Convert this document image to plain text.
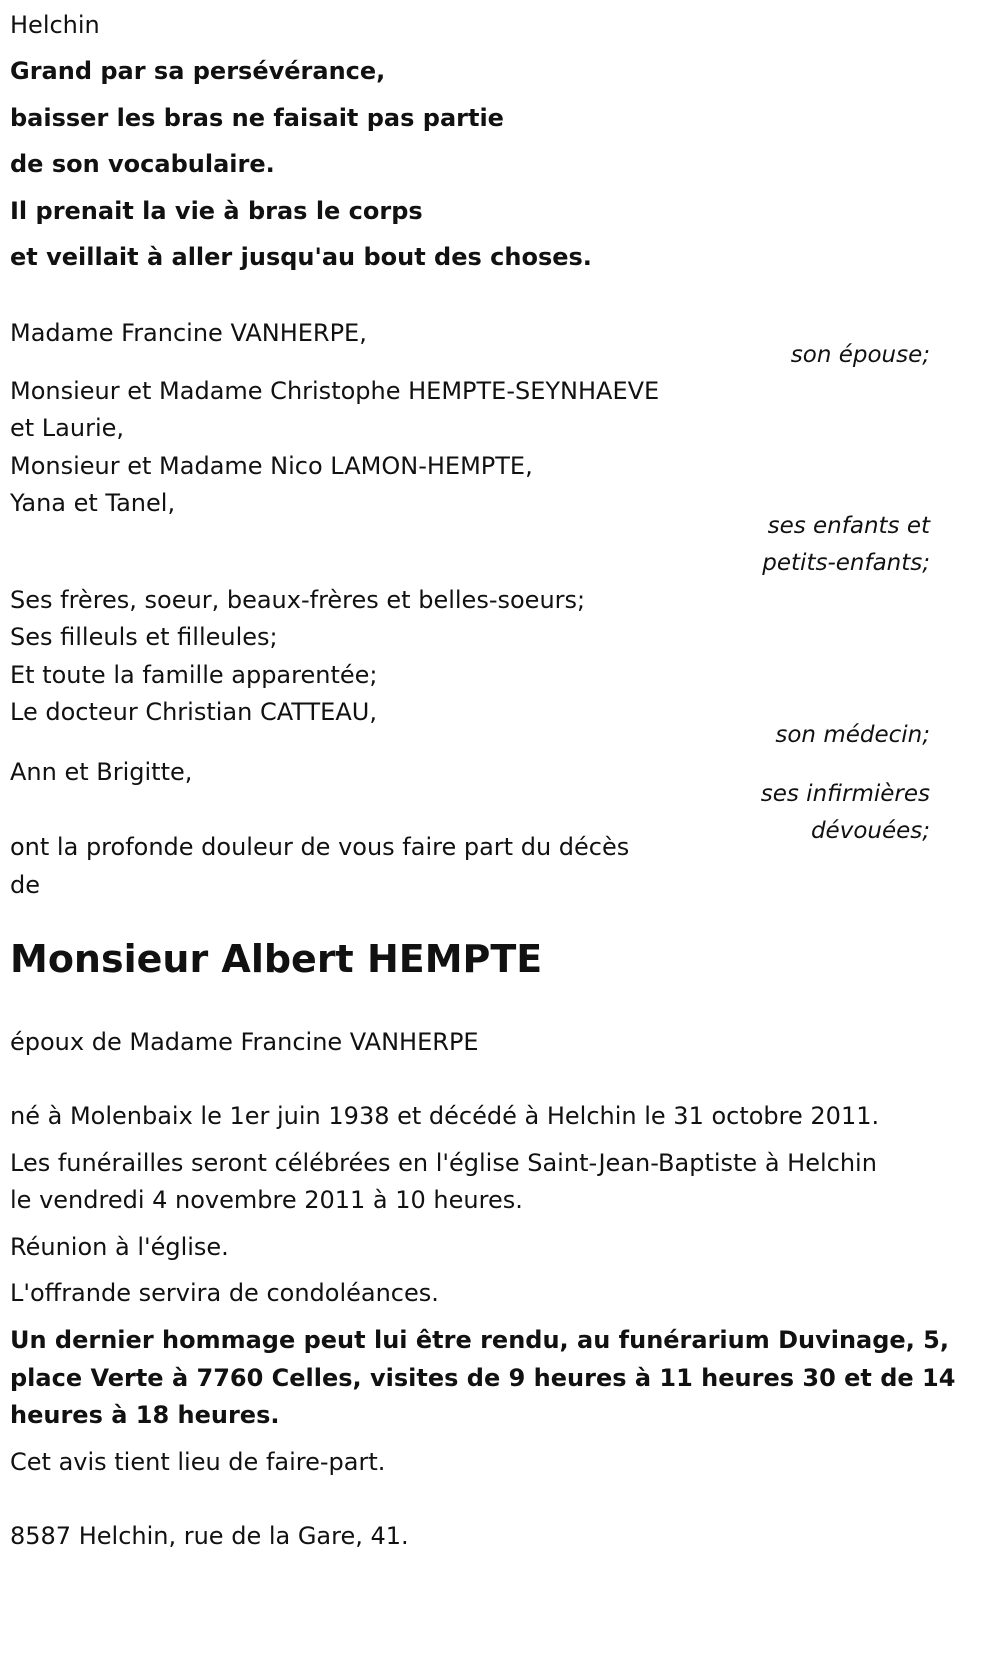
Helchin

Grand par sa persévérance,

baisser les bras ne faisait pas partie

de son vocabulaire.

Il prenait la vie à bras le corps

et veillait à aller jusqu'au bout des choses.

Madame Francine VANHERPE,

son épouse;

Monsieur et Madame Christophe HEMPTE-SEYNHAEVE

et Laurie,

Monsieur et Madame Nico LAMON-HEMPTE,

Yana et Tanel,

ses enfants et

petits-enfants;

Ses frères, soeur, beaux-frères et belles-soeurs;

Ses filleuls et filleules;

Et toute la famille apparentée;

Le docteur Christian CATTEAU,

son médecin;

Ann et Brigitte,

ses infirmières

dévouées;

ont la profonde douleur de vous faire part du décès

de

Monsieur Albert HEMPTE

époux de Madame Francine VANHERPE

né à Molenbaix le 1er juin 1938 et décédé à Helchin le 31 octobre 2011.

Les funérailles seront célébrées en l'église Saint-Jean-Baptiste à Helchin

le vendredi 4 novembre 2011 à 10 heures.

Réunion à l'église.

L'offrande servira de condoléances.

Un dernier hommage peut lui être rendu, au funérarium Duvinage, 5,

place Verte à 7760 Celles, visites de 9 heures à 11 heures 30 et de 14

heures à 18 heures.

Cet avis tient lieu de faire-part.

8587 Helchin, rue de la Gare, 41.
